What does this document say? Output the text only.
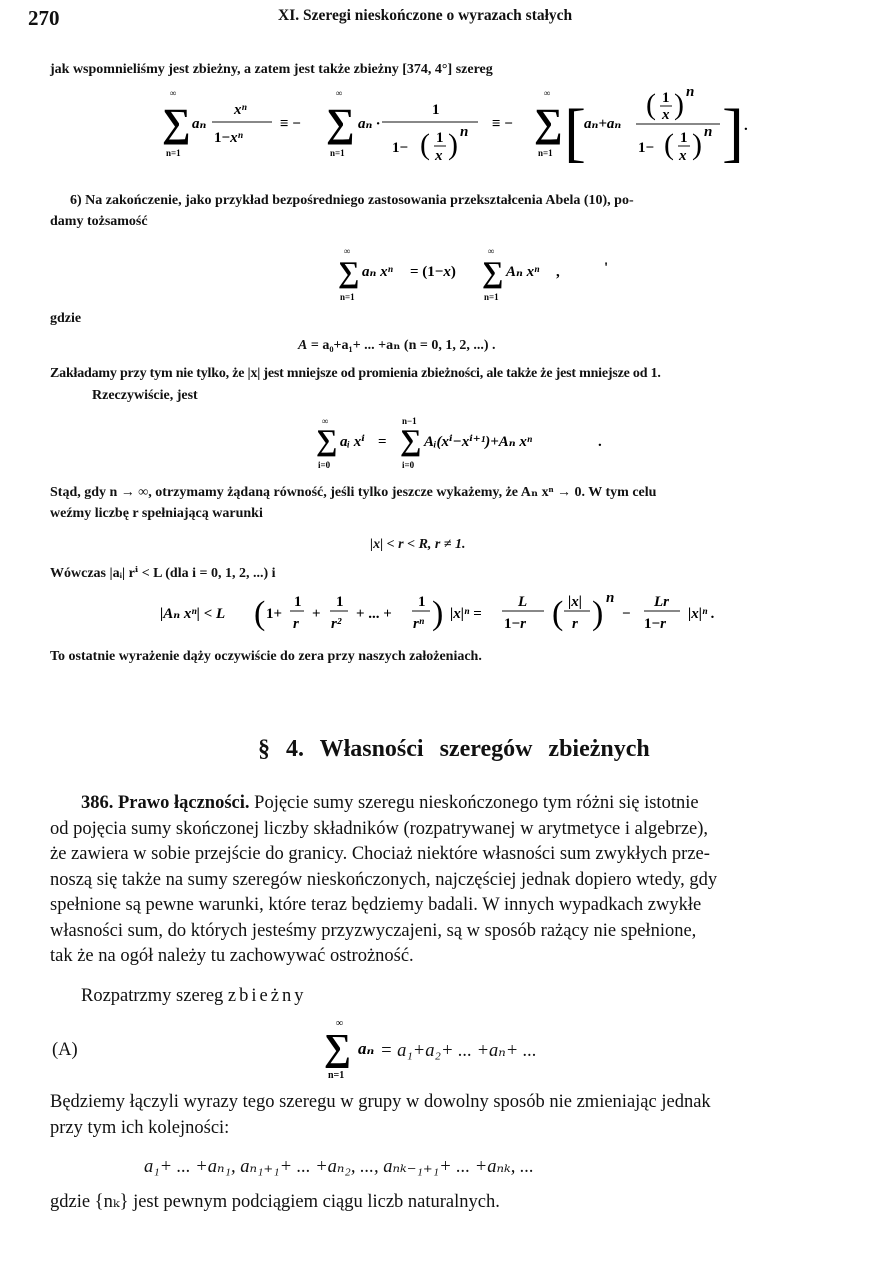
270	XI. Szeregi nieskończone o wyrazach stałych
jak wspomnieliśmy jest zbieżny, a zatem jest także zbieżny [374, 4°] szereg
∞
∑
n=1
aₙ
xⁿ
1−xⁿ
≡ −
∞
∑
n=1
aₙ ·
1
1− ( 1
x ) n ≡ −
∞
∑
n=1 [
aₙ+aₙ
( 1
x ) n
1− ( 1
x ) n ] .
6) Na zakończenie, jako przykład bezpośredniego zastosowania przekształcenia Abela (10), po-
damy tożsamość
∞
∑
n=1
aₙ xⁿ = (1−x)
∞
∑
n=1
Aₙ xⁿ ,	'
gdzie
A = a₀+a₁+ ... +aₙ (n = 0, 1, 2, ...) .
Zakładamy przy tym nie tylko, że |x| jest mniejsze od promienia zbieżności, ale także że jest mniejsze od 1.
Rzeczywiście, jest
∞
∑
i=0
aᵢ xⁱ =
n−1
∑
i=0
Aᵢ(xⁱ−xⁱ⁺¹)+Aₙ xⁿ	.
Stąd, gdy n → ∞, otrzymamy żądaną równość, jeśli tylko jeszcze wykażemy, że Aₙ xⁿ → 0. W tym celu
weźmy liczbę r spełniającą warunki
|x| < r < R, r ≠ 1.
Wówczas |aᵢ| rⁱ < L (dla i = 0, 1, 2, ...) i
|Aₙ xⁿ| < L ( 1+
1
r
+
1
r²
+ ... +
1
rⁿ ) |x|ⁿ =
L
1−r ( |x|
r ) n
−
Lr
1−r
|x|ⁿ .
To ostatnie wyrażenie dąży oczywiście do zera przy naszych założeniach.
§ 4. Własności szeregów zbieżnych
386. Prawo łączności. Pojęcie sumy szeregu nieskończonego tym różni się istotnie
od pojęcia sumy skończonej liczby składników (rozpatrywanej w arytmetyce i algebrze),
że zawiera w sobie przejście do granicy. Chociaż niektóre własności sum zwykłych prze-
noszą się także na sumy szeregów nieskończonych, najczęściej jednak dopiero wtedy, gdy
spełnione są pewne warunki, które teraz będziemy badali. W innych wypadkach zwykłe
własności sum, do których jesteśmy przyzwyczajeni, są w sposób rażący nie spełnione,
tak że na ogół należy tu zachowywać ostrożność.
Rozpatrzmy szereg zbieżny
(A)
∞
∑
n=1
aₙ = a₁+a₂+ ... +aₙ+ ...
Będziemy łączyli wyrazy tego szeregu w grupy w dowolny sposób nie zmieniając jednak
przy tym ich kolejności:
a₁+ ... +aₙ₁, aₙ₁₊₁+ ... +aₙ₂, ..., aₙₖ₋₁₊₁+ ... +aₙₖ, ...
gdzie {nₖ} jest pewnym podciągiem ciągu liczb naturalnych.
